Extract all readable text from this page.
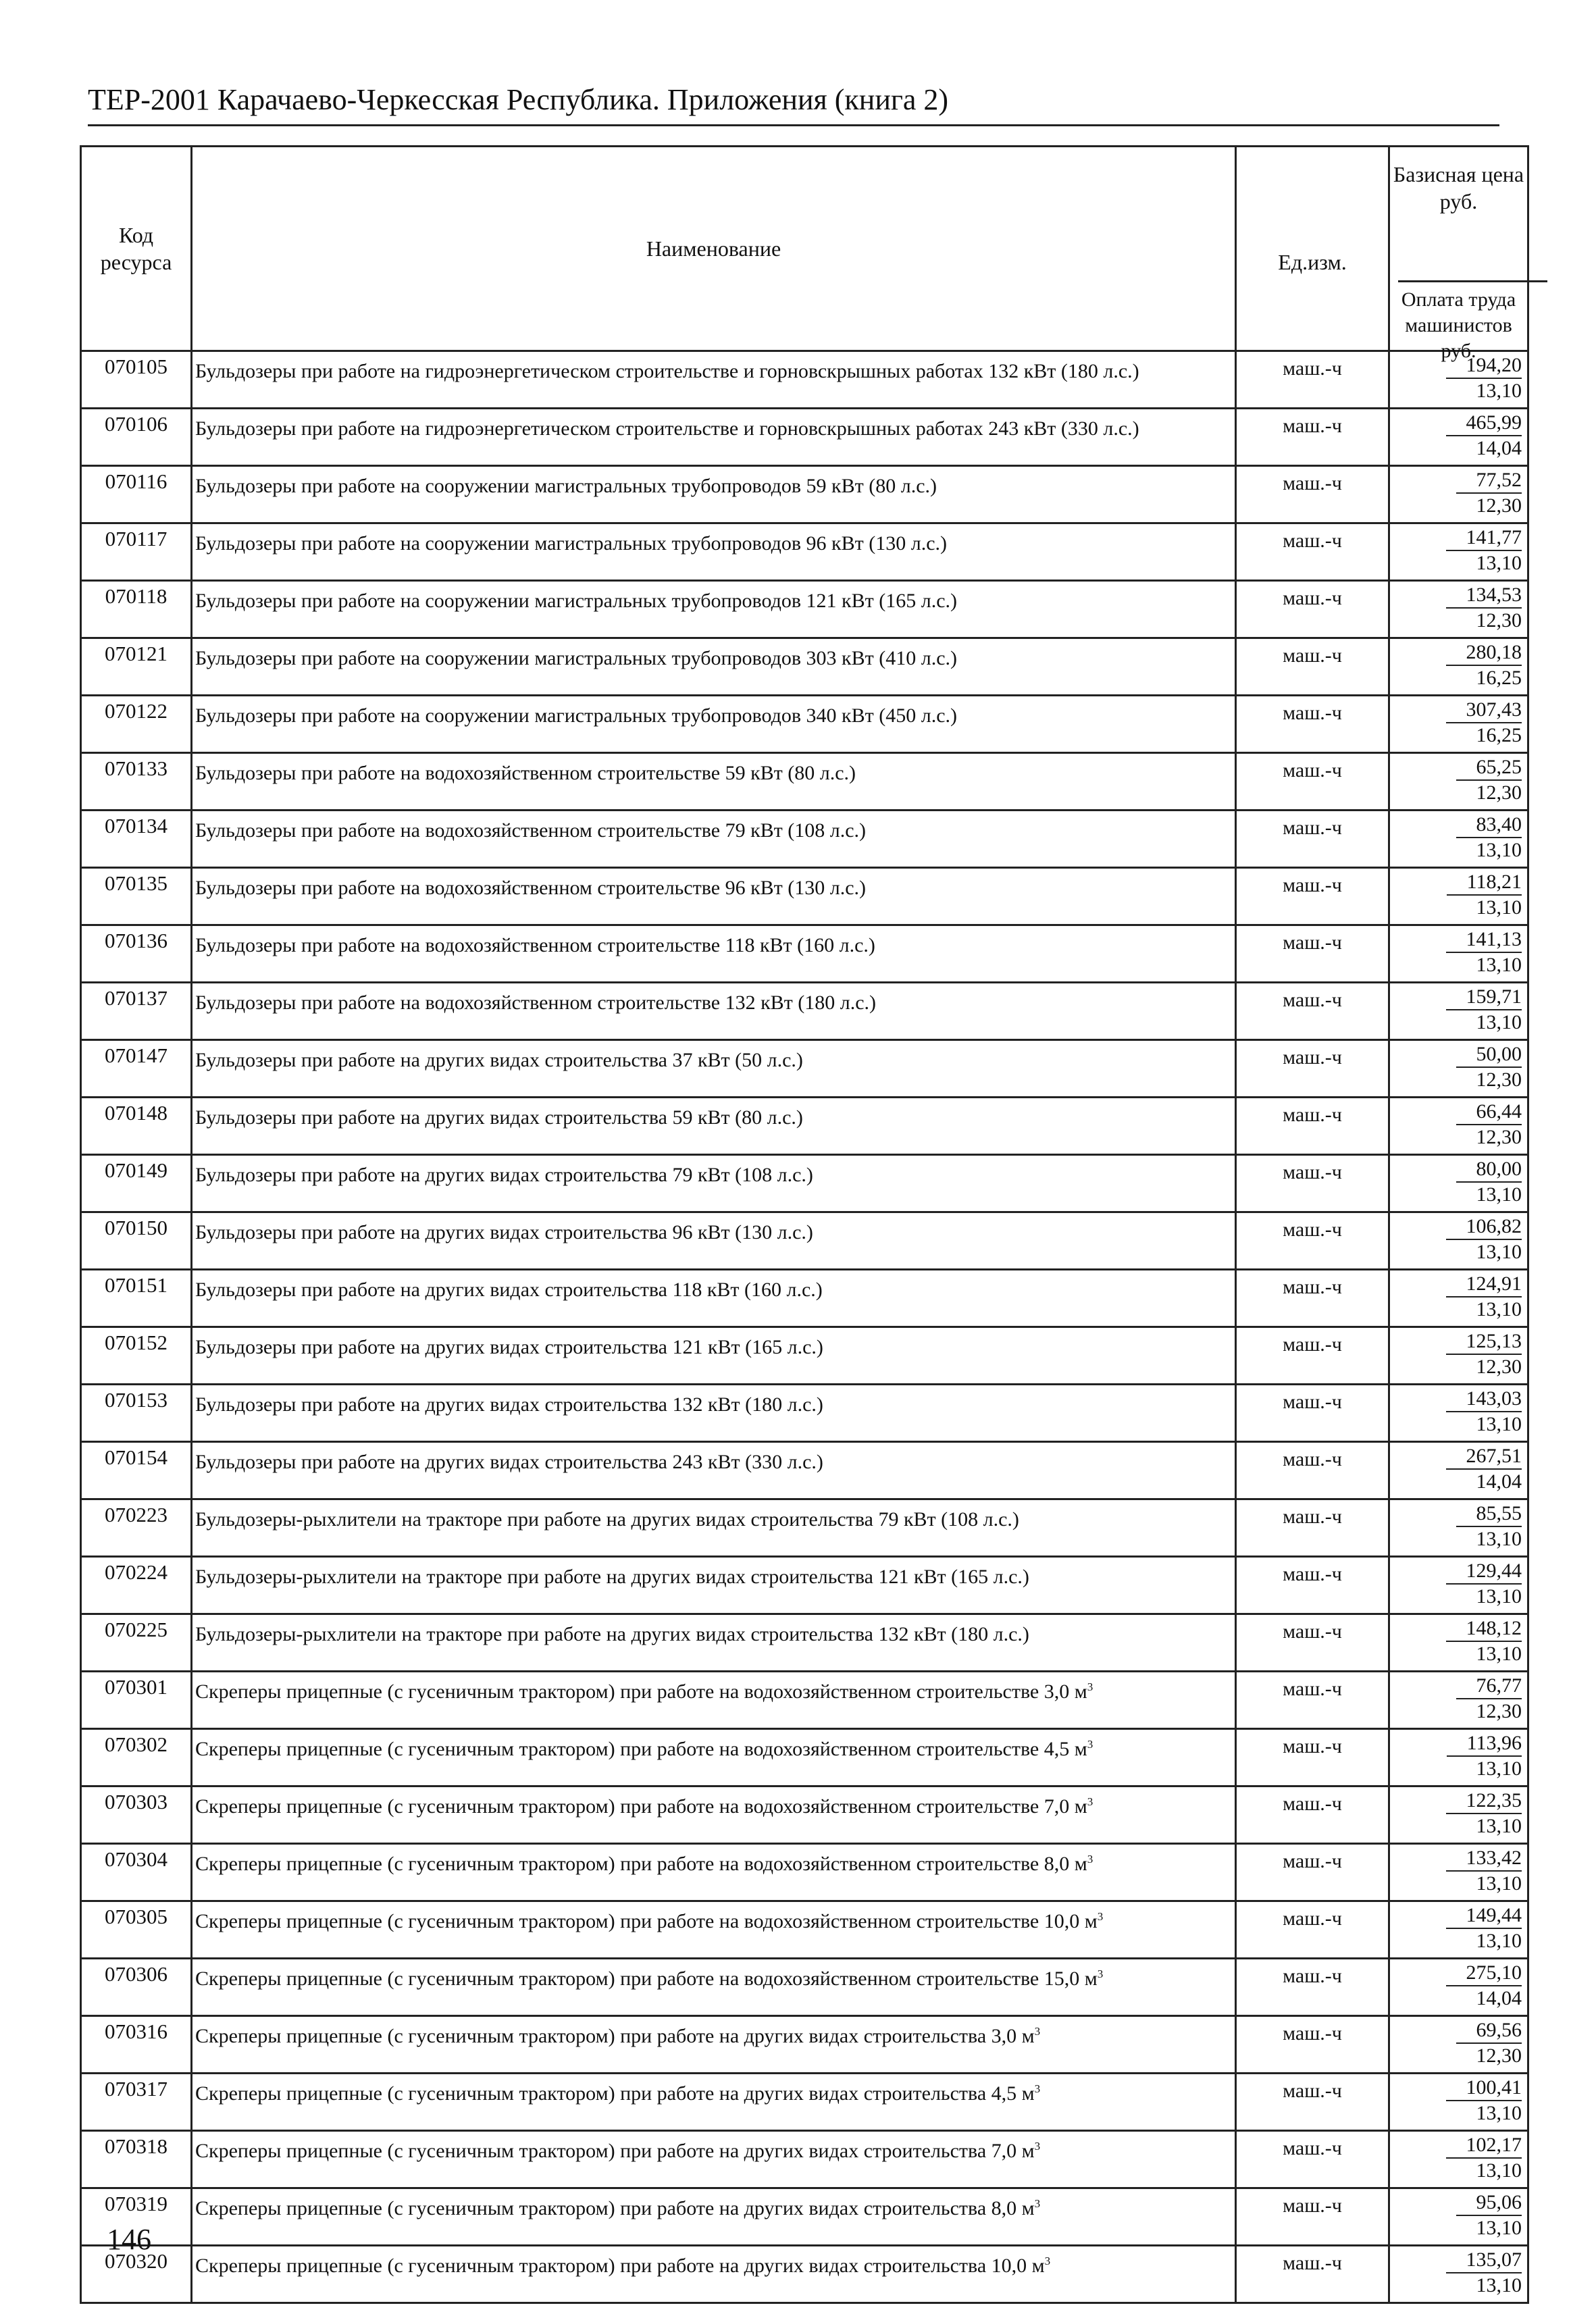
ТЕР-2001 Карачаево-Черкесская Республика. Приложения (книга 2)
Код ресурса	Наименование	Ед.изм.	Базисная цена руб.
Оплата труда машинистов руб.

070105	Бульдозеры при работе на гидроэнергетическом строительстве и горновскрышных работах 132 кВт (180 л.с.)	маш.-ч	194,20
13,10

070106	Бульдозеры при работе на гидроэнергетическом строительстве и горновскрышных работах 243 кВт (330 л.с.)	маш.-ч	465,99
14,04

070116	Бульдозеры при работе на сооружении магистральных трубопроводов 59 кВт (80 л.с.)	маш.-ч	77,52
12,30

070117	Бульдозеры при работе на сооружении магистральных трубопроводов 96 кВт (130 л.с.)	маш.-ч	141,77
13,10

070118	Бульдозеры при работе на сооружении магистральных трубопроводов 121 кВт (165 л.с.)	маш.-ч	134,53
12,30

070121	Бульдозеры при работе на сооружении магистральных трубопроводов 303 кВт (410 л.с.)	маш.-ч	280,18
16,25

070122	Бульдозеры при работе на сооружении магистральных трубопроводов 340 кВт (450 л.с.)	маш.-ч	307,43
16,25

070133	Бульдозеры при работе на водохозяйственном строительстве 59 кВт (80 л.с.)	маш.-ч	65,25
12,30

070134	Бульдозеры при работе на водохозяйственном строительстве 79 кВт (108 л.с.)	маш.-ч	83,40
13,10

070135	Бульдозеры при работе на водохозяйственном строительстве 96 кВт (130 л.с.)	маш.-ч	118,21
13,10

070136	Бульдозеры при работе на водохозяйственном строительстве 118 кВт (160 л.с.)	маш.-ч	141,13
13,10

070137	Бульдозеры при работе на водохозяйственном строительстве 132 кВт (180 л.с.)	маш.-ч	159,71
13,10

070147	Бульдозеры при работе на других видах строительства 37 кВт (50 л.с.)	маш.-ч	50,00
12,30

070148	Бульдозеры при работе на других видах строительства 59 кВт (80 л.с.)	маш.-ч	66,44
12,30

070149	Бульдозеры при работе на других видах строительства 79 кВт (108 л.с.)	маш.-ч	80,00
13,10

070150	Бульдозеры при работе на других видах строительства 96 кВт (130 л.с.)	маш.-ч	106,82
13,10

070151	Бульдозеры при работе на других видах строительства 118 кВт (160 л.с.)	маш.-ч	124,91
13,10

070152	Бульдозеры при работе на других видах строительства 121 кВт (165 л.с.)	маш.-ч	125,13
12,30

070153	Бульдозеры при работе на других видах строительства 132 кВт (180 л.с.)	маш.-ч	143,03
13,10

070154	Бульдозеры при работе на других видах строительства 243 кВт (330 л.с.)	маш.-ч	267,51
14,04

070223	Бульдозеры-рыхлители на тракторе при работе на других видах строительства 79 кВт (108 л.с.)	маш.-ч	85,55
13,10

070224	Бульдозеры-рыхлители на тракторе при работе на других видах строительства 121 кВт (165 л.с.)	маш.-ч	129,44
13,10

070225	Бульдозеры-рыхлители на тракторе при работе на других видах строительства 132 кВт (180 л.с.)	маш.-ч	148,12
13,10

070301	Скреперы прицепные (с гусеничным трактором) при работе на водохозяйственном строительстве 3,0 $м^3$	маш.-ч	76,77
12,30

070302	Скреперы прицепные (с гусеничным трактором) при работе на водохозяйственном строительстве 4,5 $м^3$	маш.-ч	113,96
13,10

070303	Скреперы прицепные (с гусеничным трактором) при работе на водохозяйственном строительстве 7,0 $м^3$	маш.-ч	122,35
13,10

070304	Скреперы прицепные (с гусеничным трактором) при работе на водохозяйственном строительстве 8,0 $м^3$	маш.-ч	133,42
13,10

070305	Скреперы прицепные (с гусеничным трактором) при работе на водохозяйственном строительстве 10,0 $м^3$	маш.-ч	149,44
13,10

070306	Скреперы прицепные (с гусеничным трактором) при работе на водохозяйственном строительстве 15,0 $м^3$	маш.-ч	275,10
14,04

070316	Скреперы прицепные (с гусеничным трактором) при работе на других видах строительства 3,0 $м^3$	маш.-ч	69,56
12,30

070317	Скреперы прицепные (с гусеничным трактором) при работе на других видах строительства 4,5 $м^3$	маш.-ч	100,41
13,10

070318	Скреперы прицепные (с гусеничным трактором) при работе на других видах строительства 7,0 $м^3$	маш.-ч	102,17
13,10

070319	Скреперы прицепные (с гусеничным трактором) при работе на других видах строительства 8,0 $м^3$	маш.-ч	95,06
13,10

070320	Скреперы прицепные (с гусеничным трактором) при работе на других видах строительства 10,0 $м^3$	маш.-ч	135,07
13,10
146
